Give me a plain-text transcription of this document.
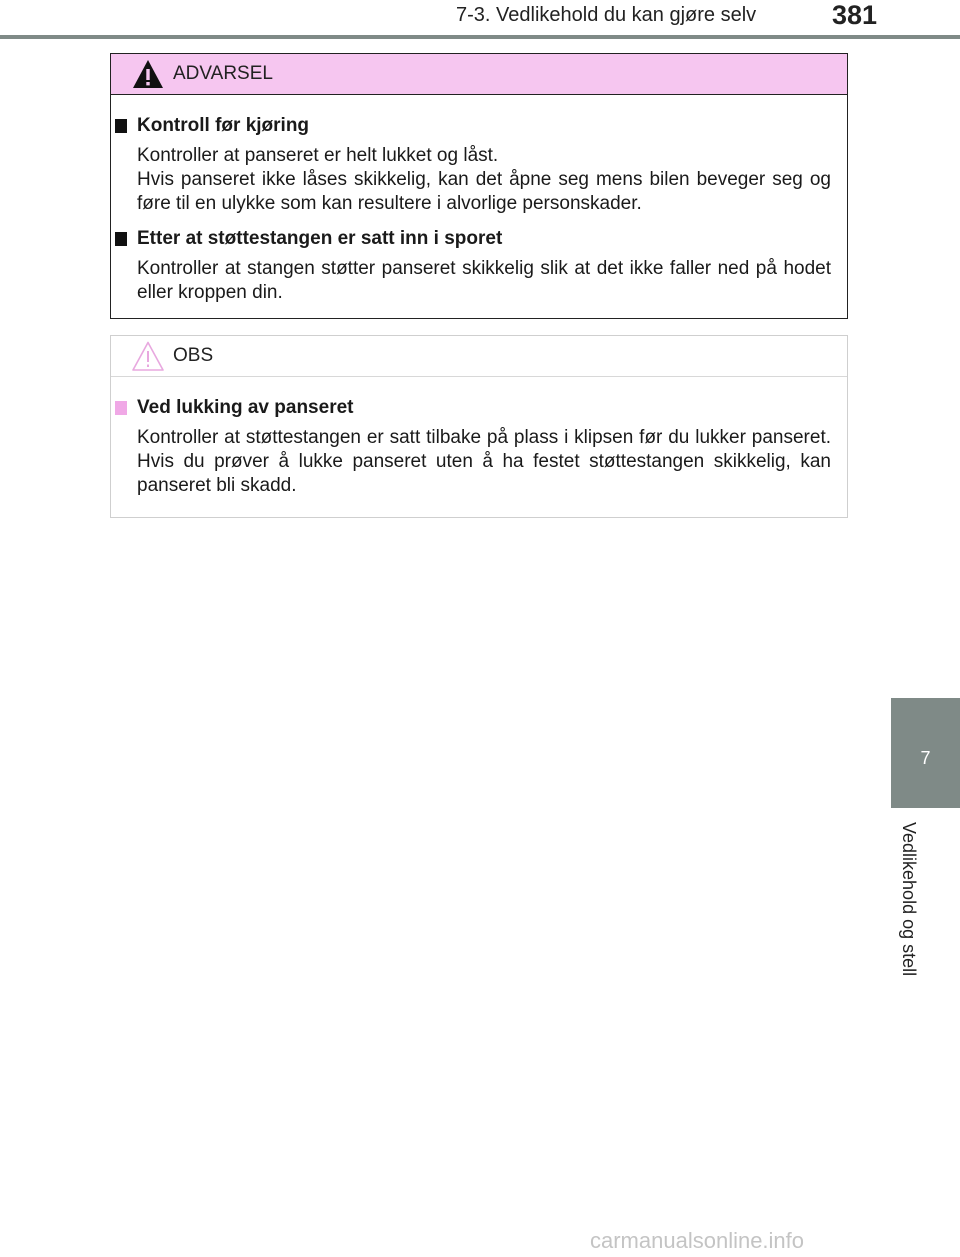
7-3. Vedlikehold du kan gjøre selv	381
ADVARSEL
Kontroll før kjøring

Kontroller at panseret er helt lukket og låst.

Hvis panseret ikke låses skikkelig, kan det åpne seg mens bilen beveger seg og føre til en ulykke som kan resultere i alvorlige personskader.

Etter at støttestangen er satt inn i sporet

Kontroller at stangen støtter panseret skikkelig slik at det ikke faller ned på hodet eller kroppen din.

OBS
Ved lukking av panseret

Kontroller at støttestangen er satt tilbake på plass i klipsen før du lukker panseret. Hvis du prøver å lukke panseret uten å ha festet støttestangen skikkelig, kan panseret bli skadd.

7
Vedlikehold og stell
carmanualsonline.info
